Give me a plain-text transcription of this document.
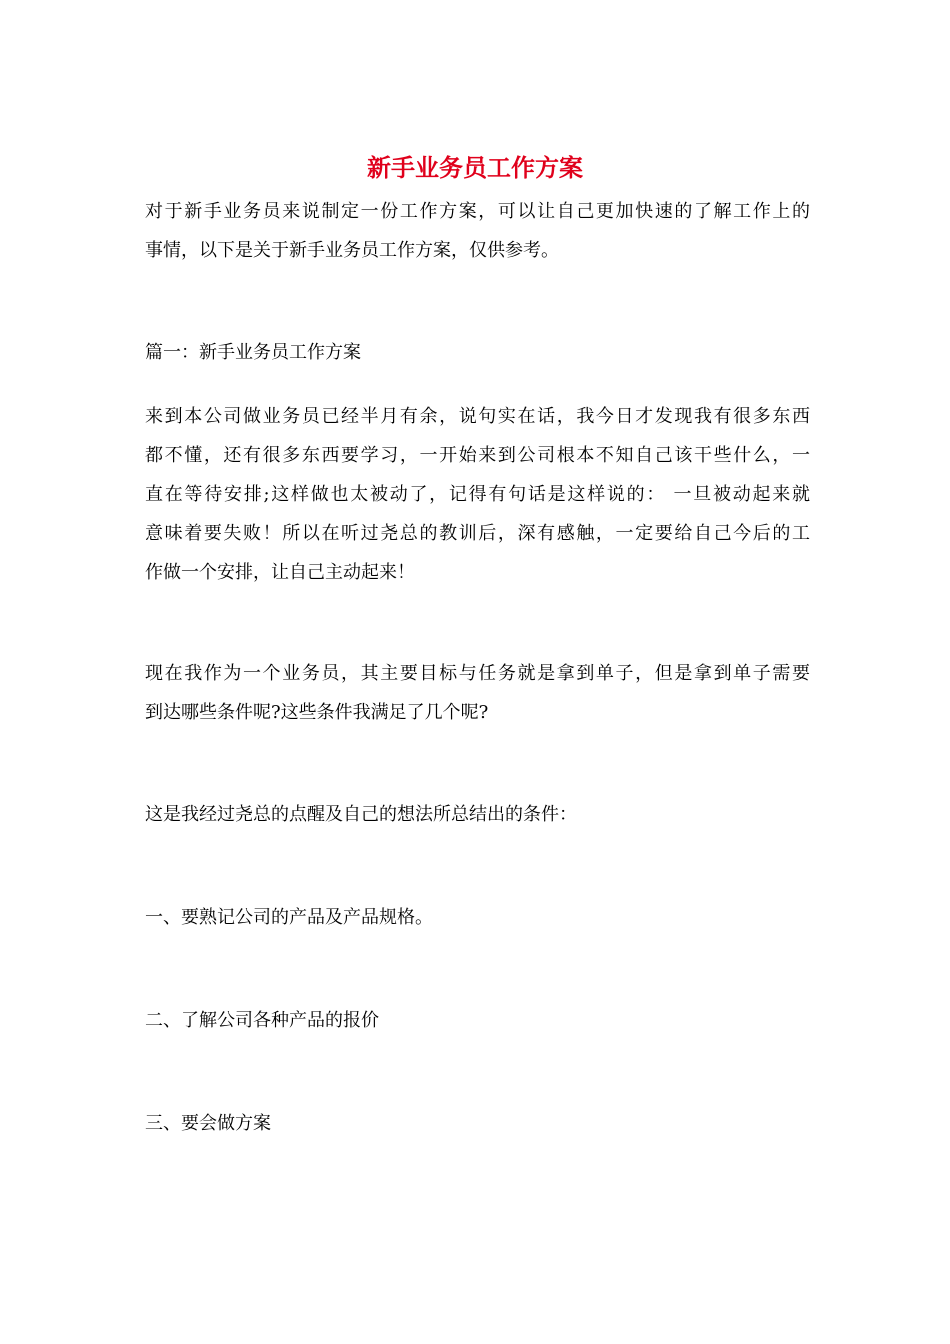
新手业务员工作方案
对于新手业务员来说制定一份工作方案，可以让自己更加快速的了解工作上的
事情，以下是关于新手业务员工作方案，仅供参考。
篇一：新手业务员工作方案
来到本公司做业务员已经半月有余，说句实在话，我今日才发现我有很多东西
都不懂，还有很多东西要学习，一开始来到公司根本不知自己该干些什么，一
直在等待安排;这样做也太被动了，记得有句话是这样说的： 一旦被动起来就
意味着要失败！所以在听过尧总的教训后，深有感触，一定要给自己今后的工
作做一个安排，让自己主动起来！
现在我作为一个业务员，其主要目标与任务就是拿到单子，但是拿到单子需要
到达哪些条件呢?这些条件我满足了几个呢?
这是我经过尧总的点醒及自己的想法所总结出的条件：
一、要熟记公司的产品及产品规格。
二、了解公司各种产品的报价
三、要会做方案
